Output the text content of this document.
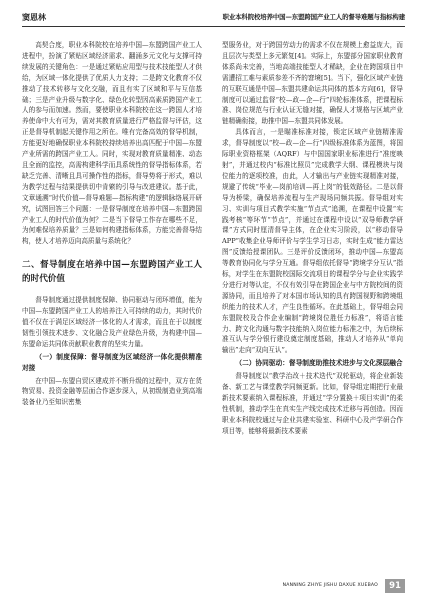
窦恩林	职业本科院校培养中国—东盟跨国产业工人的督导难题与指标构建

高契合度，职业本科院校在培养中国—东盟跨国产业工人进程中，扮演了紧贴区域经济需求、翻涌多元文化与支撑可持续发展的关键角色：一是通过紧贴应用型与技术技能型人才供给，为区域一体化提供了优质人力支持；二是跨文化教育不仅推动了技术转移与文化交融，而且有实了区域和平与互信基础；三是产业升级与数字化、绿色化转型因高素质跨国产业工人的参与而加速。然而，要使职业本科院校在这一跨国人才培养使命中大有可为，需对其教育质量进行严格监督与评估，这正是督导机制起关键作用之所在。唯有完备高效的督导机制，方能更好地确保职业本科院校持续培养出高匹配于中国—东盟产业所需的跨国产业工人。同时，实现对教育质量精准、动态且全面的监控，高需构建科学而具系统性的督导指标体系，若缺乏完善、清晰且具可操作性的指标，督导势将于形式，难以为教学过程与结果提供切中肯綮的引导与改进建议。基于此，文章通溯“时代价值—督导难题—指标构建”的逻辑脉络展开研究，试图回答三个问题：一是督导制度在培养中国—东盟跨国产业工人的时代价值为何？二是当下督导工作存在哪些不足，为何难保培养质量？三是如何构建指标体系，方能完善督导结构，使人才培养迈向高质量与系统化？

二、督导制度在培养中国—东盟跨国产业工人的时代价值

督导制度通过提供制度保障、协同驱动与闭环增值，能为中国—东盟跨国产业工人的培养注入可持续的动力，其时代价值不仅在于满足区域经济一体化的人才需求，而且在于以制度韧性引领技术进步、文化融合及产业绿色升级，为构建中国—东盟命运共同体贡献职业教育的坚实力量。

（一）制度保障：督导制度为区域经济一体化提供精准对接

在中国—东盟自贸区建成并不断升级的过程中，双方在货物贸易、投资金融等层面合作逐步深入，从初级制造业到高端装备业乃至知识密集

型服务业，对于跨国劳动力的需求不仅在规模上愈益庞大，而且层次与类型上多元繁复[4]。实际上，东盟部分国家职业教育体系尚未完善，当地高端技能型人才稀缺，企业在跨国项目中需遭招工难与素质参差不齐的窘境[5]。当下，强化区域产业链的互联互通是中国—东盟共建命运共同体的基本方向[6]，督导制度可以通过监督“校—政—企—行”四轮标准体系，把课程标准、岗位规范与行业认证无缝对接，确保人才规格与区域产业链精确衔接，助推中国—东盟共同体发展。

具体而言，一是瞄准标准对接，锁定区域产业链精准需求，督导制度以“校—政—企—行”四级标准体系为蓝图，将国际职业资格框架（AQRF）与中国国家职业标准进行“准度映射”，并通过校内“标准比照员”完成教学大纲、课程模块与岗位能力的逐项校准，由此，人才输出与产业链实现精准对接，规避了传统“毕业—岗前培训—再上岗”的低效路径。二是以督导为桥梁，确保培养流程与生产现场同频共振。督导组对实习、实训与项目式教学实施“节点式”追溯，在课程中设置“实践考核”等环节“节点”，并通过在课程中设以“双导师教学研课”方式同时厘清督导主体，在企业实习阶段，以“移动督导APP”收集企业导师评价与学生学习日志，实时生成“能力雷达图”反馈给授课团队。三是评价反馈闭环，推动中国—东盟高等教育协同化与学分互通。督导组依托督导“跨境学分互认”指标，对学生在东盟院校国际交流项目的课程学分与企业实践学分进行对等认定，不仅有效引导在跨国企业与中方院校间的资源协同，而且培养了对本国市场认知的具有跨国视野和跨境组织能力的技术人才，产生良性循环。在此基础上，督导组会同东盟院校及合作企业编制“跨境岗位胜任力标准”，将语言能力、跨文化沟通与数字技能纳入岗位能力标准之中，为后续标准互认与学分银行建设奠定制度基础，推动人才培养从“单向输出”走向“双向互认”。

（二）协同驱动：督导制度助推技术进步与文化深层融合

督导制度以“教学治改＋技术迭代”双轮驱动，将企业新装备、新工艺与课堂教学同频更新。比如，督导组定期把行业最新技术要素纳入课程标准，并通过“学分置换＋项目实训”的柔性机制，推动学生在真实生产线完成技术迁移与再创造。因而职业本科院校通过与企业共建实验室、科研中心及产学研合作项目等，能够将最新技术要素

NANNING ZHIYE JISHU DAXUE XUEBAO	91
